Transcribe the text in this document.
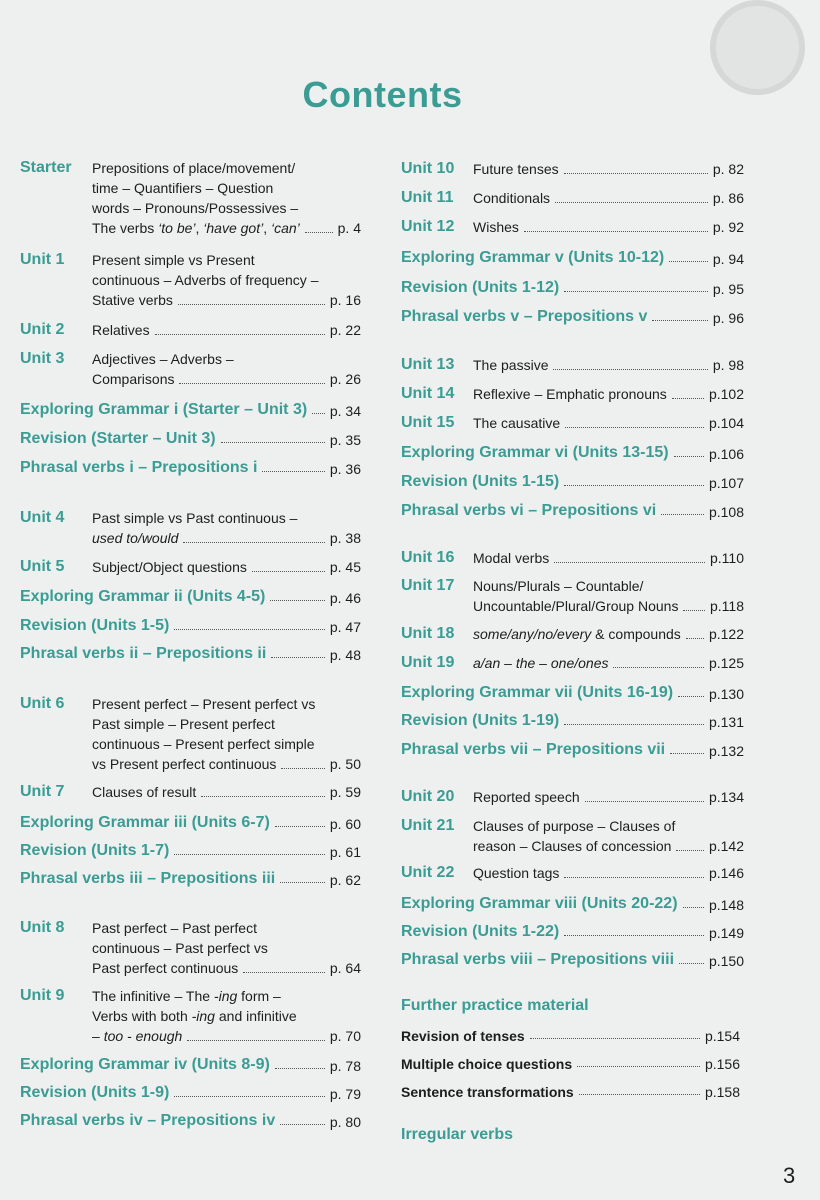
Contents
Starter Prepositions of place/movement/
time – Quantifiers – Question
words – Pronouns/Possessives –
The verbs ‘to be’, ‘have got’, ‘can’	p. 4
Unit 1 Present simple vs Present
continuous – Adverbs of frequency –
Stative verbs	p. 16
Unit 2 Relatives	p. 22
Unit 3 Adjectives – Adverbs –
Comparisons	p. 26
Exploring Grammar i (Starter – Unit 3) p. 34
Revision (Starter – Unit 3)	p. 35
Phrasal verbs i – Prepositions i	p. 36
Unit 4 Past simple vs Past continuous –
used to/would	p. 38
Unit 5 Subject/Object questions	p. 45
Exploring Grammar ii (Units 4-5)	p. 46
Revision (Units 1-5)	p. 47
Phrasal verbs ii – Prepositions ii	p. 48
Unit 6 Present perfect – Present perfect vs
Past simple – Present perfect
continuous – Present perfect simple
vs Present perfect continuous	p. 50
Unit 7 Clauses of result	p. 59
Exploring Grammar iii (Units 6-7)	p. 60
Revision (Units 1-7)	p. 61
Phrasal verbs iii – Prepositions iii	p. 62
Unit 8 Past perfect – Past perfect
continuous – Past perfect vs
Past perfect continuous	p. 64
Unit 9 The infinitive – The -ing form –
Verbs with both -ing and infinitive
– too - enough	p. 70
Exploring Grammar iv (Units 8-9)	p. 78
Revision (Units 1-9)	p. 79
Phrasal verbs iv – Prepositions iv	p. 80
Unit 10 Future tenses	p. 82
Unit 11 Conditionals	p. 86
Unit 12 Wishes	p. 92
Exploring Grammar v (Units 10-12)	p. 94
Revision (Units 1-12)	p. 95
Phrasal verbs v – Prepositions v	p. 96
Unit 13 The passive	p. 98
Unit 14 Reflexive – Emphatic pronouns	p.102
Unit 15 The causative	p.104
Exploring Grammar vi (Units 13-15)	p.106
Revision (Units 1-15)	p.107
Phrasal verbs vi – Prepositions vi	p.108
Unit 16 Modal verbs	p.110
Unit 17 Nouns/Plurals – Countable/
Uncountable/Plural/Group Nouns p.118
Unit 18 some/any/no/every & compounds p.122
Unit 19 a/an – the – one/ones	p.125
Exploring Grammar vii (Units 16-19)	p.130
Revision (Units 1-19)	p.131
Phrasal verbs vii – Prepositions vii	p.132
Unit 20 Reported speech	p.134
Unit 21 Clauses of purpose – Clauses of
reason – Clauses of concession	p.142
Unit 22 Question tags	p.146
Exploring Grammar viii (Units 20-22) p.148
Revision (Units 1-22)	p.149
Phrasal verbs viii – Prepositions viii p.150
Further practice material
Revision of tenses	p.154
Multiple choice questions	p.156
Sentence transformations	p.158
Irregular verbs
3
